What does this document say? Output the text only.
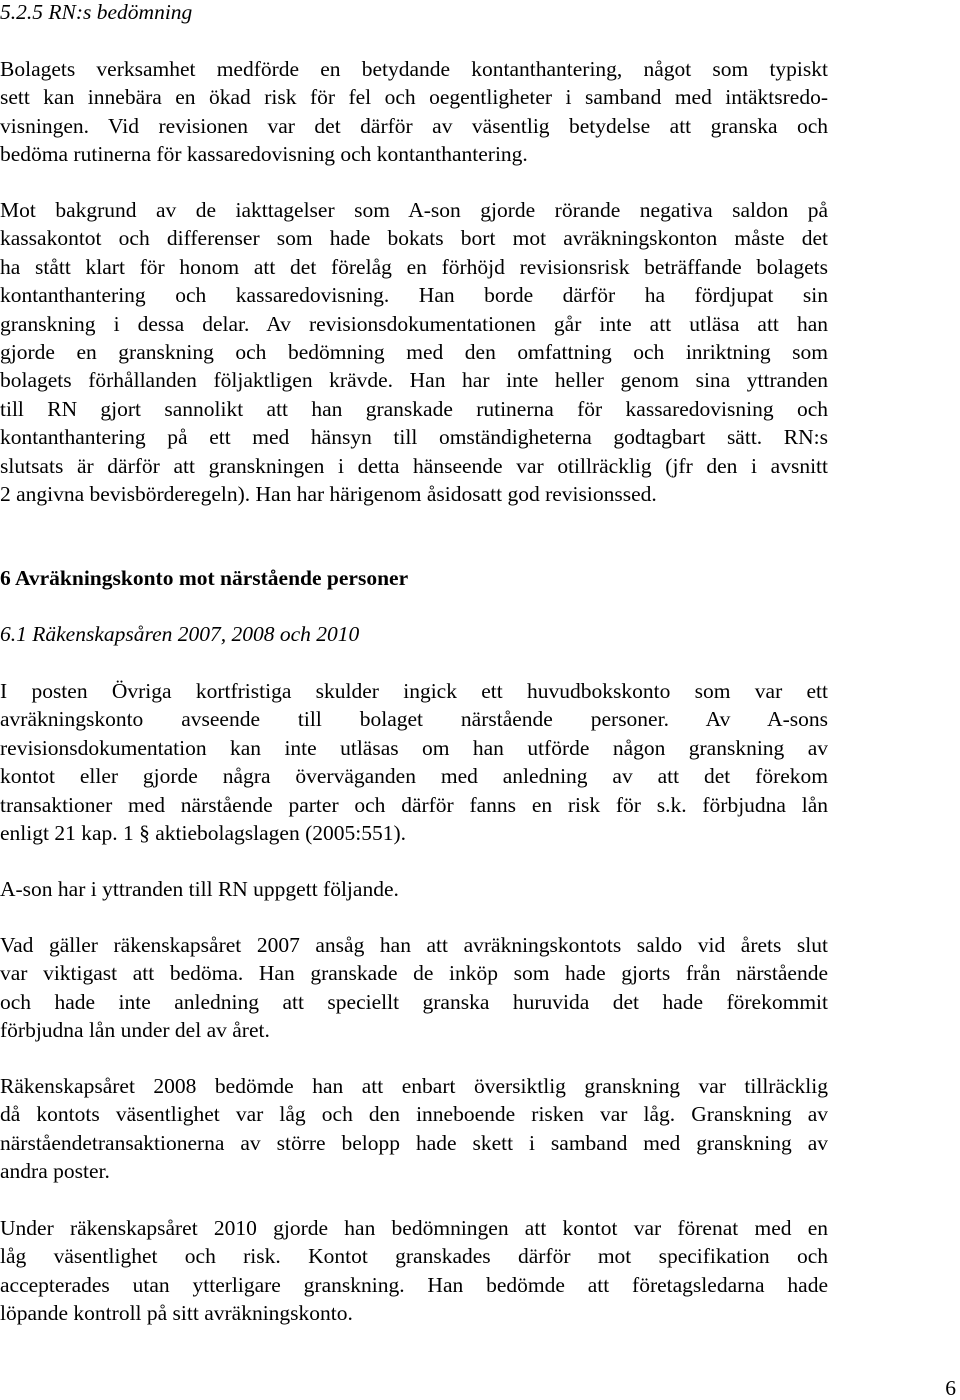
5.2.5 RN:s bedömning
Bolagets verksamhet medförde en betydande kontanthantering, något som typiskt
sett kan innebära en ökad risk för fel och oegentligheter i samband med intäktsredo-
visningen. Vid revisionen var det därför av väsentlig betydelse att granska och
bedöma rutinerna för kassaredovisning och kontanthantering.
Mot bakgrund av de iakttagelser som A-son gjorde rörande negativa saldon på
kassakontot och differenser som hade bokats bort mot avräkningskonton måste det
ha stått klart för honom att det förelåg en förhöjd revisionsrisk beträffande bolagets
kontanthantering och kassaredovisning. Han borde därför ha fördjupat sin
granskning i dessa delar. Av revisionsdokumentationen går inte att utläsa att han
gjorde en granskning och bedömning med den omfattning och inriktning som
bolagets förhållanden följaktligen krävde. Han har inte heller genom sina yttranden
till RN gjort sannolikt att han granskade rutinerna för kassaredovisning och
kontanthantering på ett med hänsyn till omständigheterna godtagbart sätt. RN:s
slutsats är därför att granskningen i detta hänseende var otillräcklig (jfr den i avsnitt
2 angivna bevisbörderegeln). Han har härigenom åsidosatt god revisionssed.
6 Avräkningskonto mot närstående personer
6.1 Räkenskapsåren 2007, 2008 och 2010
I posten Övriga kortfristiga skulder ingick ett huvudbokskonto som var ett
avräkningskonto avseende till bolaget närstående personer. Av A-sons
revisionsdokumentation kan inte utläsas om han utförde någon granskning av
kontot eller gjorde några överväganden med anledning av att det förekom
transaktioner med närstående parter och därför fanns en risk för s.k. förbjudna lån
enligt 21 kap. 1 § aktiebolagslagen (2005:551).
A-son har i yttranden till RN uppgett följande.
Vad gäller räkenskapsåret 2007 ansåg han att avräkningskontots saldo vid årets slut
var viktigast att bedöma. Han granskade de inköp som hade gjorts från närstående
och hade inte anledning att speciellt granska huruvida det hade förekommit
förbjudna lån under del av året.
Räkenskapsåret 2008 bedömde han att enbart översiktlig granskning var tillräcklig
då kontots väsentlighet var låg och den inneboende risken var låg. Granskning av
närståendetransaktionerna av större belopp hade skett i samband med granskning av
andra poster.
Under räkenskapsåret 2010 gjorde han bedömningen att kontot var förenat med en
låg väsentlighet och risk. Kontot granskades därför mot specifikation och
accepterades utan ytterligare granskning. Han bedömde att företagsledarna hade
löpande kontroll på sitt avräkningskonto.
6
